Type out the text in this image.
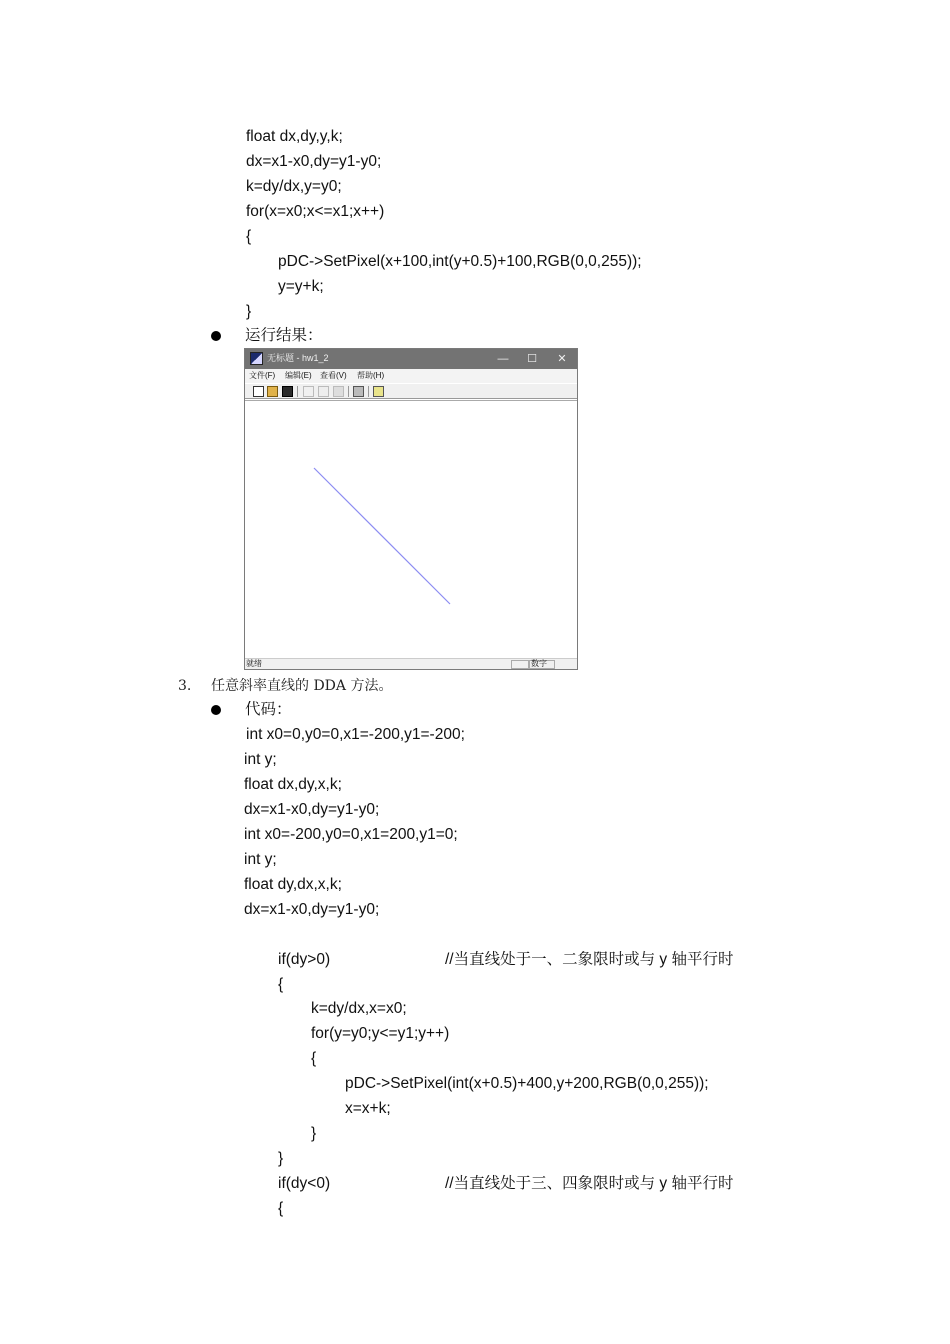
float dx,dy,y,k;
dx=x1-x0,dy=y1-y0;
k=dy/dx,y=y0;
for(x=x0;x<=x1;x++)
{
pDC->SetPixel(x+100,int(y+0.5)+100,RGB(0,0,255));
y=y+k;
}
运行结果：
无标题 - hw1_2	—	☐	✕
文件(F) 编辑(E) 查看(V) 帮助(H)
就绪	数字
3. 任意斜率直线的 DDA 方法。
代码：
int x0=0,y0=0,x1=-200,y1=-200;
int y;
float dx,dy,x,k;
dx=x1-x0,dy=y1-y0;
int x0=-200,y0=0,x1=200,y1=0;
int y;
float dy,dx,x,k;
dx=x1-x0,dy=y1-y0;
if(dy>0)	//当直线处于一、二象限时或与 y 轴平行时
{
k=dy/dx,x=x0;
for(y=y0;y<=y1;y++)
{
pDC->SetPixel(int(x+0.5)+400,y+200,RGB(0,0,255));
x=x+k;
}
}
if(dy<0)	//当直线处于三、四象限时或与 y 轴平行时
{
